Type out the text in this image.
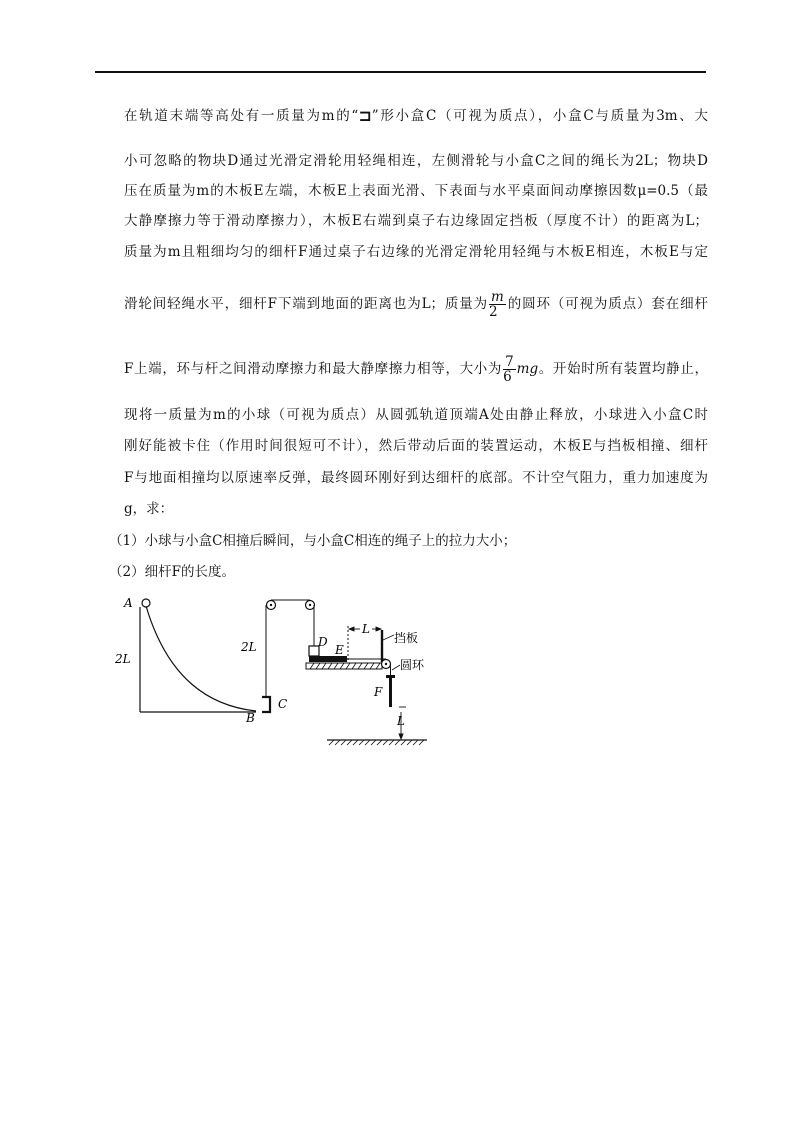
在轨道末端等高处有一质量为m的“⊐”形小盒C（可视为质点），小盒C与质量为3m、大
小可忽略的物块D通过光滑定滑轮用轻绳相连，左侧滑轮与小盒C之间的绳长为2L；物块D
压在质量为m的木板E左端，木板E上表面光滑、下表面与水平桌面间动摩擦因数μ=0.5（最
大静摩擦力等于滑动摩擦力），木板E右端到桌子右边缘固定挡板（厚度不计）的距离为L；
质量为m且粗细均匀的细杆F通过桌子右边缘的光滑定滑轮用轻绳与木板E相连，木板E与定
滑轮间轻绳水平，细杆F下端到地面的距离也为L；质量为 $\frac{m}{2}$ 的圆环（可视为质点）套在细杆
F上端，环与杆之间滑动摩擦力和最大静摩擦力相等，大小为 $\frac{7}{6}$ mg。开始时所有装置均静止，
现将一质量为m的小球（可视为质点）从圆弧轨道顶端A处由静止释放，小球进入小盒C时
刚好能被卡住（作用时间很短可不计），然后带动后面的装置运动，木板E与挡板相撞、细杆
F与地面相撞均以原速率反弹，最终圆环刚好到达细杆的底部。不计空气阻力，重力加速度为
g，求：
（1）小球与小盒C相撞后瞬间，与小盒C相连的绳子上的拉力大小；
（2）细杆F的长度。
A
2L
B
C
2L	D
E
L
挡板
圆环
F
L
